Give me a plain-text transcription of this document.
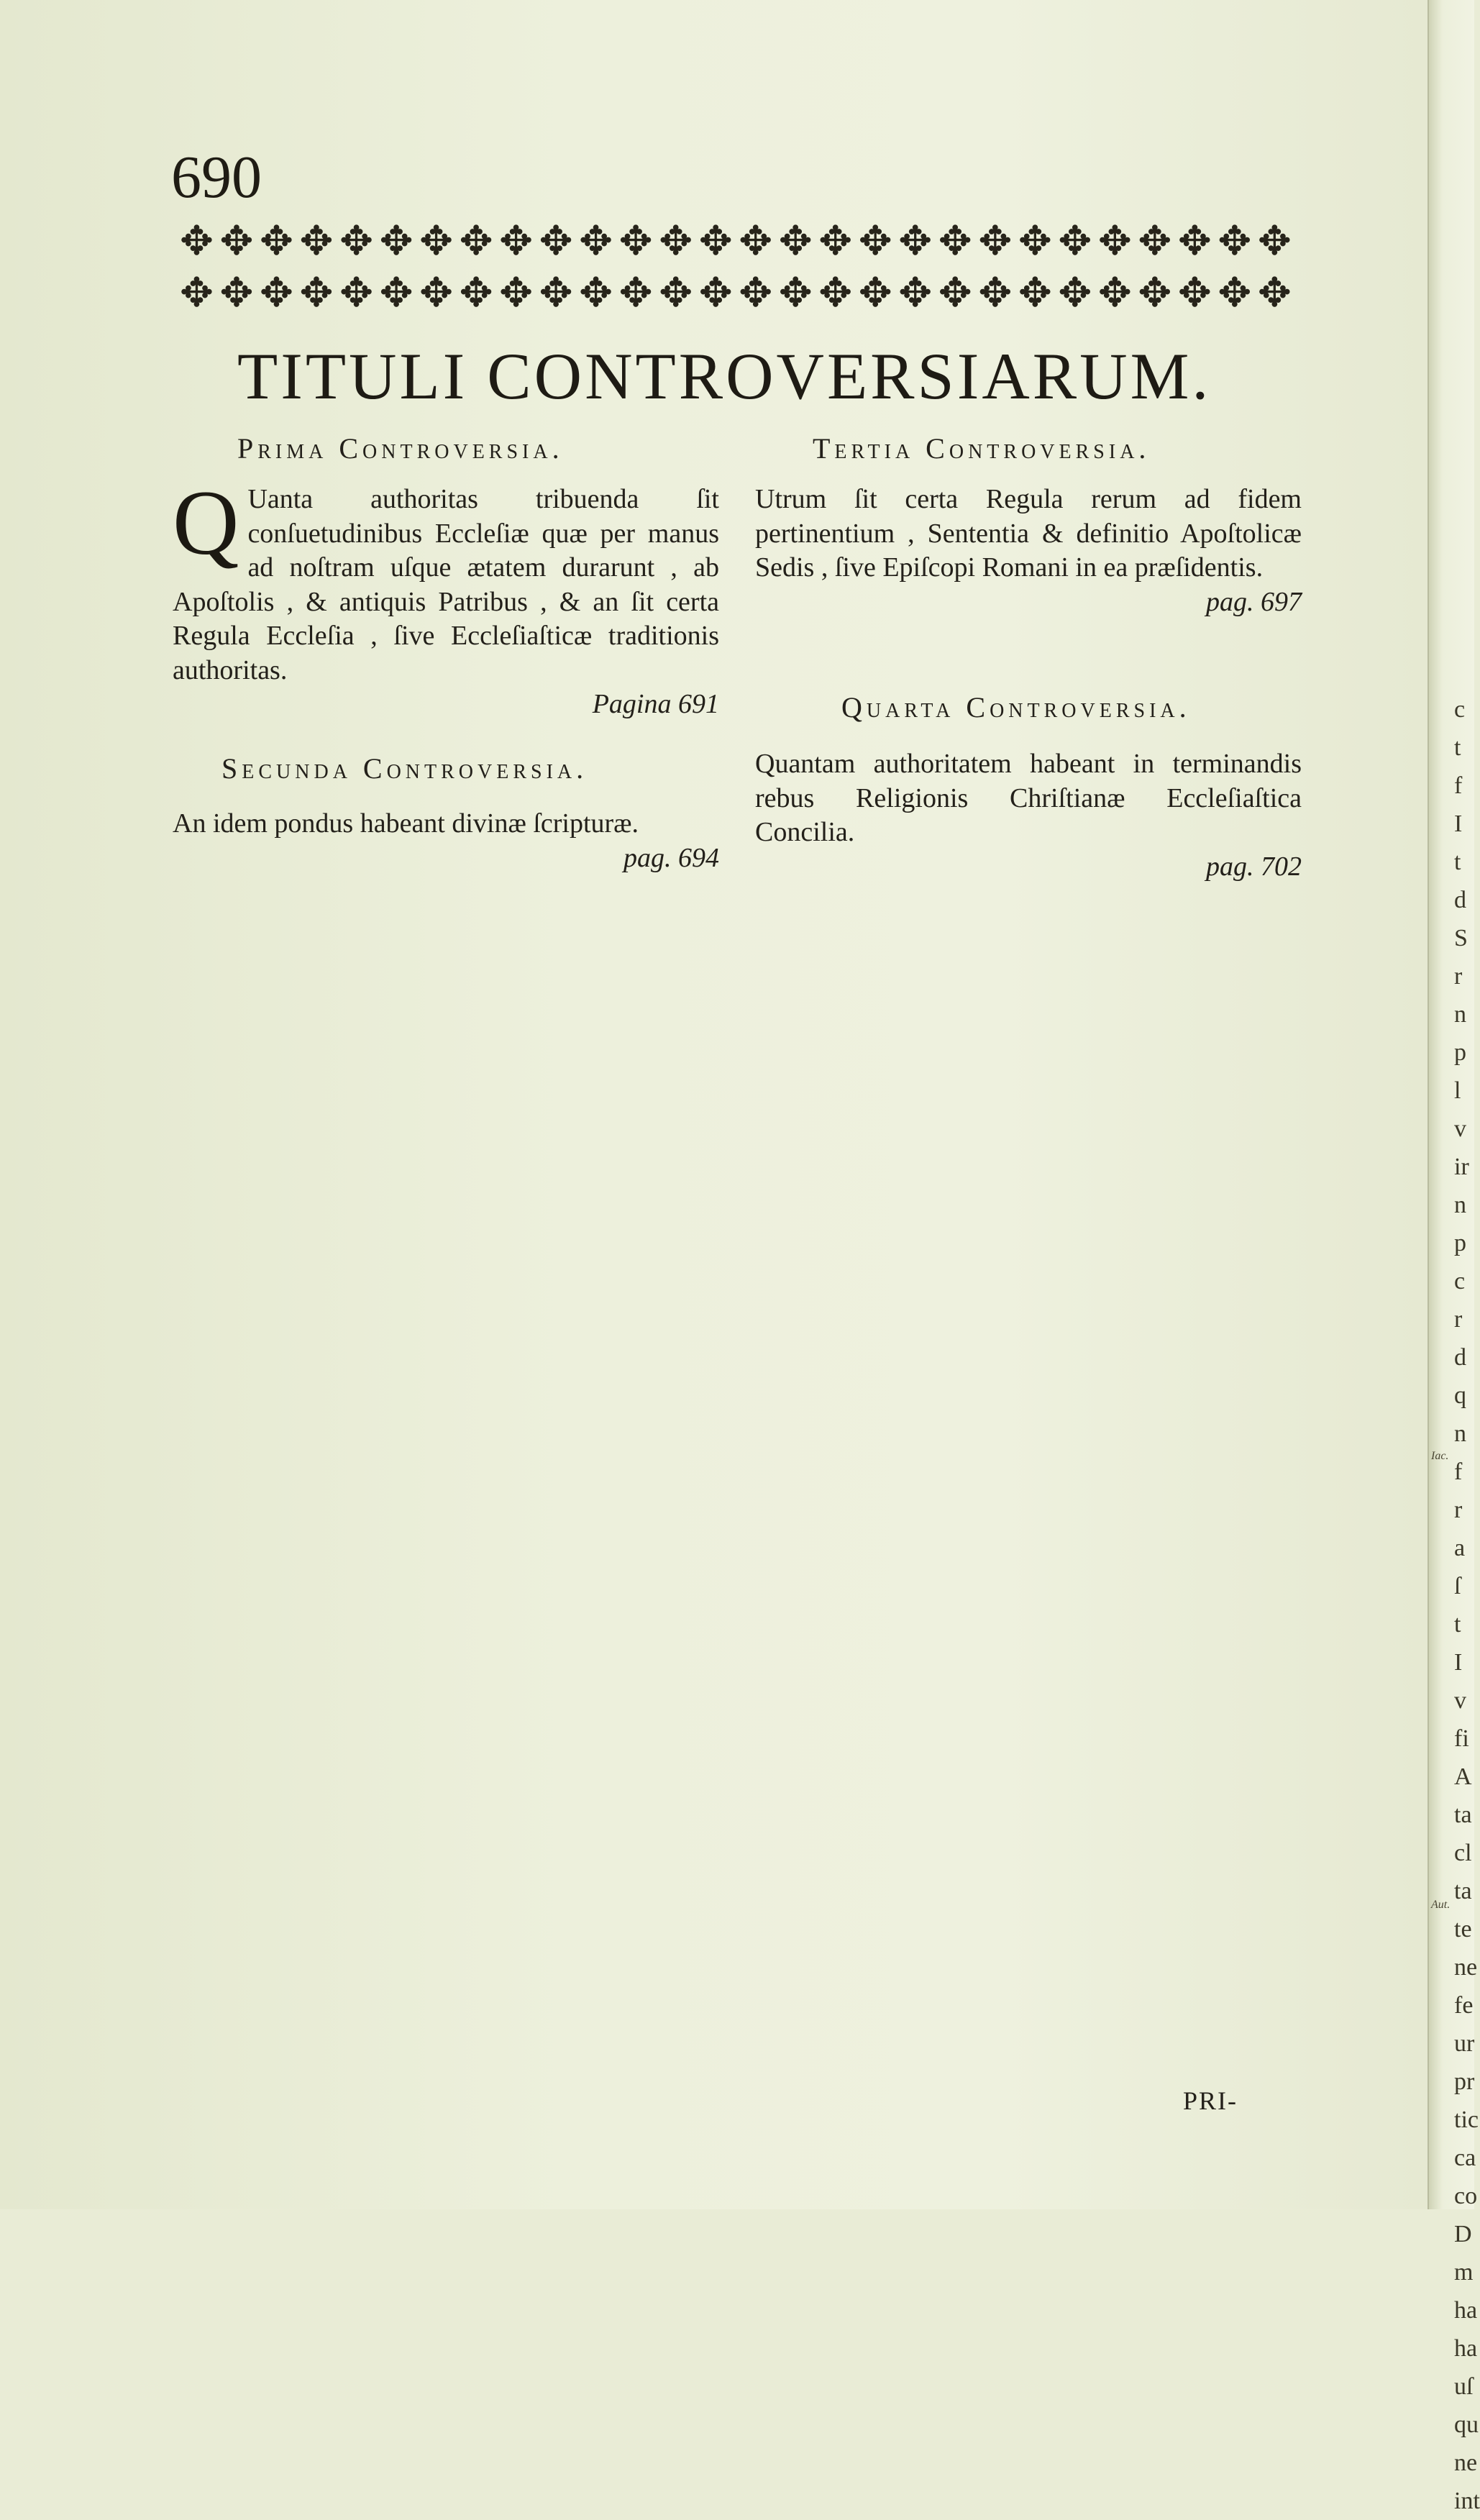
c
t
f
I
t
d
S
r
n
p
l
v
ir
n
p
c
r
d
q
n
f
r
a
ſ
t
I
v
fi
A
ta
cl
ta
te
ne
fe
ur
pr
tic
ca
co
D
m
ha
ha
uſ
qu
ne
int
Iac.
Aut.
690
✥ ✥ ✥ ✥ ✥ ✥ ✥ ✥ ✥ ✥ ✥ ✥ ✥ ✥ ✥ ✥ ✥ ✥ ✥ ✥ ✥ ✥ ✥ ✥ ✥ ✥ ✥ ✥
✥ ✥ ✥ ✥ ✥ ✥ ✥ ✥ ✥ ✥ ✥ ✥ ✥ ✥ ✥ ✥ ✥ ✥ ✥ ✥ ✥ ✥ ✥ ✥ ✥ ✥ ✥ ✥
TITULI CONTROVERSIARUM.
Prima Controversia.
Q Uanta authoritas tribuenda ſit conſuetudinibus Eccleſiæ quæ per manus ad noſtram uſque ætatem durarunt , ab Apoſtolis , & antiquis Patribus , & an ſit certa Regula Eccleſia , ſive Eccleſiaſticæ traditionis authoritas.
Pagina 691
Secunda Controversia.
An idem pondus habeant divinæ ſcripturæ.
pag. 694
Tertia Controversia.
Utrum ſit certa Regula rerum ad fidem pertinentium , Sententia & definitio Apoſtolicæ Sedis , ſive Epiſcopi Romani in ea præſidentis.
pag. 697
Quarta Controversia.
Quantam authoritatem habeant in terminandis rebus Religionis Chriſtianæ Eccleſiaſtica Concilia.
pag. 702
PRI-
